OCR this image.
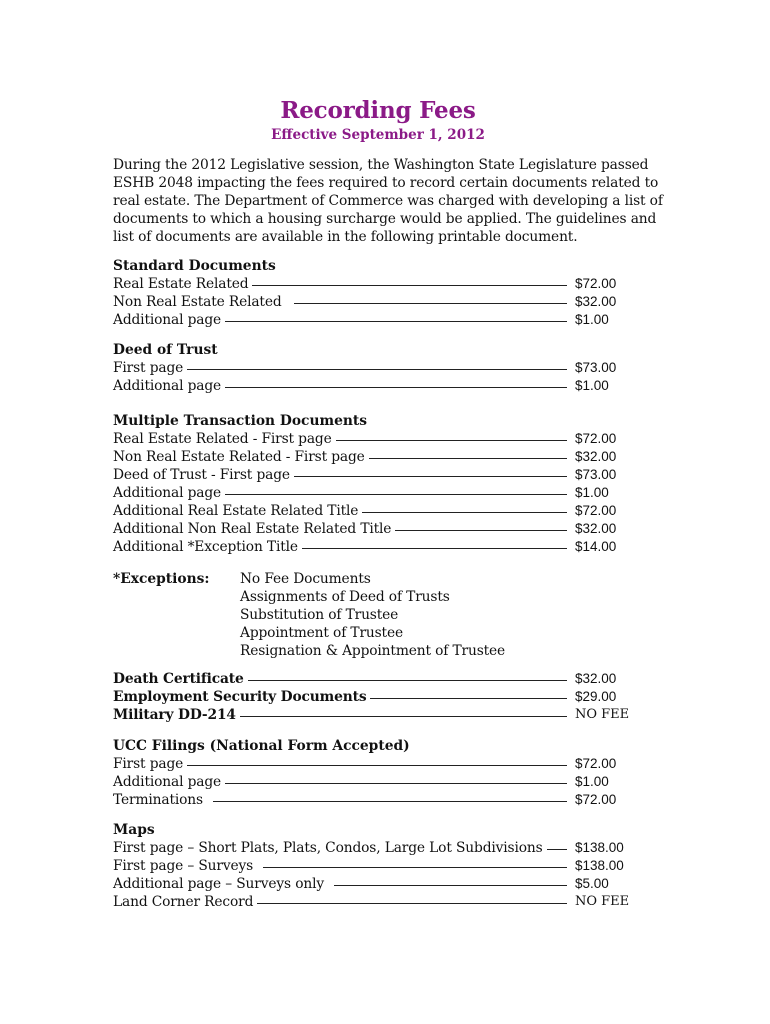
Recording Fees
Effective September 1, 2012
During the 2012 Legislative session, the Washington State Legislature passed
ESHB 2048 impacting the fees required to record certain documents related to
real estate. The Department of Commerce was charged with developing a list of
documents to which a housing surcharge would be applied. The guidelines and
list of documents are available in the following printable document.
Standard Documents
Real Estate Related	$72.00
Non Real Estate Related	$32.00
Additional page	$1.00
Deed of Trust
First page	$73.00
Additional page	$1.00
Multiple Transaction Documents
Real Estate Related - First page	$72.00
Non Real Estate Related - First page	$32.00
Deed of Trust - First page	$73.00
Additional page	$1.00
Additional Real Estate Related Title	$72.00
Additional Non Real Estate Related Title	$32.00
Additional *Exception Title	$14.00
*Exceptions: No Fee Documents
Assignments of Deed of Trusts
Substitution of Trustee
Appointment of Trustee
Resignation & Appointment of Trustee
Death Certificate	$32.00
Employment Security Documents	$29.00
Military DD-214	NO FEE
UCC Filings (National Form Accepted)
First page	$72.00
Additional page	$1.00
Terminations	$72.00
Maps
First page – Short Plats, Plats, Condos, Large Lot Subdivisions	$138.00
First page – Surveys	$138.00
Additional page – Surveys only	$5.00
Land Corner Record	NO FEE
